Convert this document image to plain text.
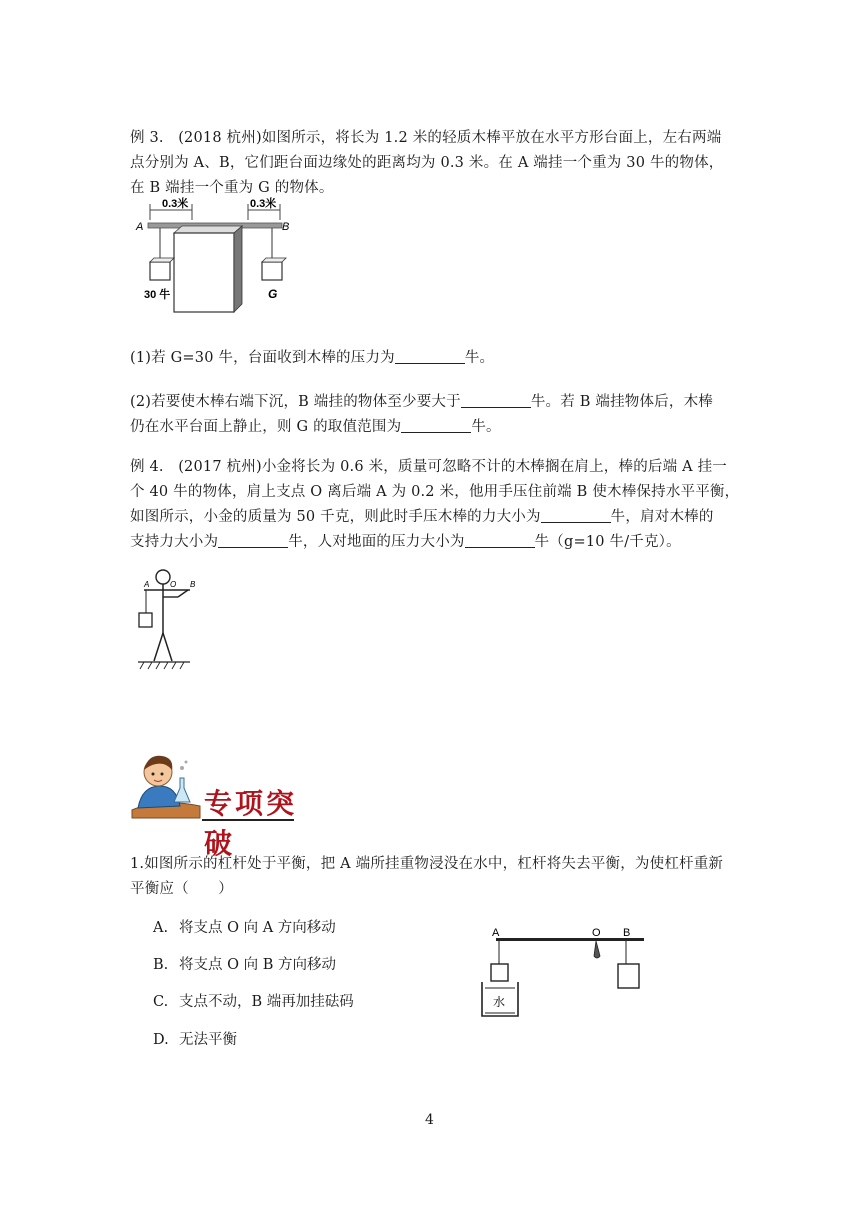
例 3. (2018 杭州)如图所示，将长为 1.2 米的轻质木棒平放在水平方形台面上，左右两端点分别为 A、B，它们距台面边缘处的距离均为 0.3 米。在 A 端挂一个重为 30 牛的物体，在 B 端挂一个重为 G 的物体。
0.3米	0.3米
A	B
30 牛	G
(1)若 G=30 牛，台面收到木棒的压力为	牛。
(2)若要使木棒右端下沉，B 端挂的物体至少要大于	牛。若 B 端挂物体后，木棒
仍在水平台面上静止，则 G 的取值范围为	牛。
例 4. (2017 杭州)小金将长为 0.6 米，质量可忽略不计的木棒搁在肩上，棒的后端 A 挂一
个 40 牛的物体，肩上支点 O 离后端 A 为 0.2 米，他用手压住前端 B 使木棒保持水平平衡，
如图所示，小金的质量为 50 千克，则此时手压木棒的力大小为	牛，肩对木棒的
支持力大小为	牛，人对地面的压力大小为	牛（g=10 牛/千克）。
A	O B
专项突破
1.如图所示的杠杆处于平衡，把 A 端所挂重物浸没在水中，杠杆将失去平衡，为使杠杆重新
平衡应（　　）
A. 将支点 O 向 A 方向移动
B. 将支点 O 向 B 方向移动
C. 支点不动，B 端再加挂砝码
D. 无法平衡
A	O B
水
4
